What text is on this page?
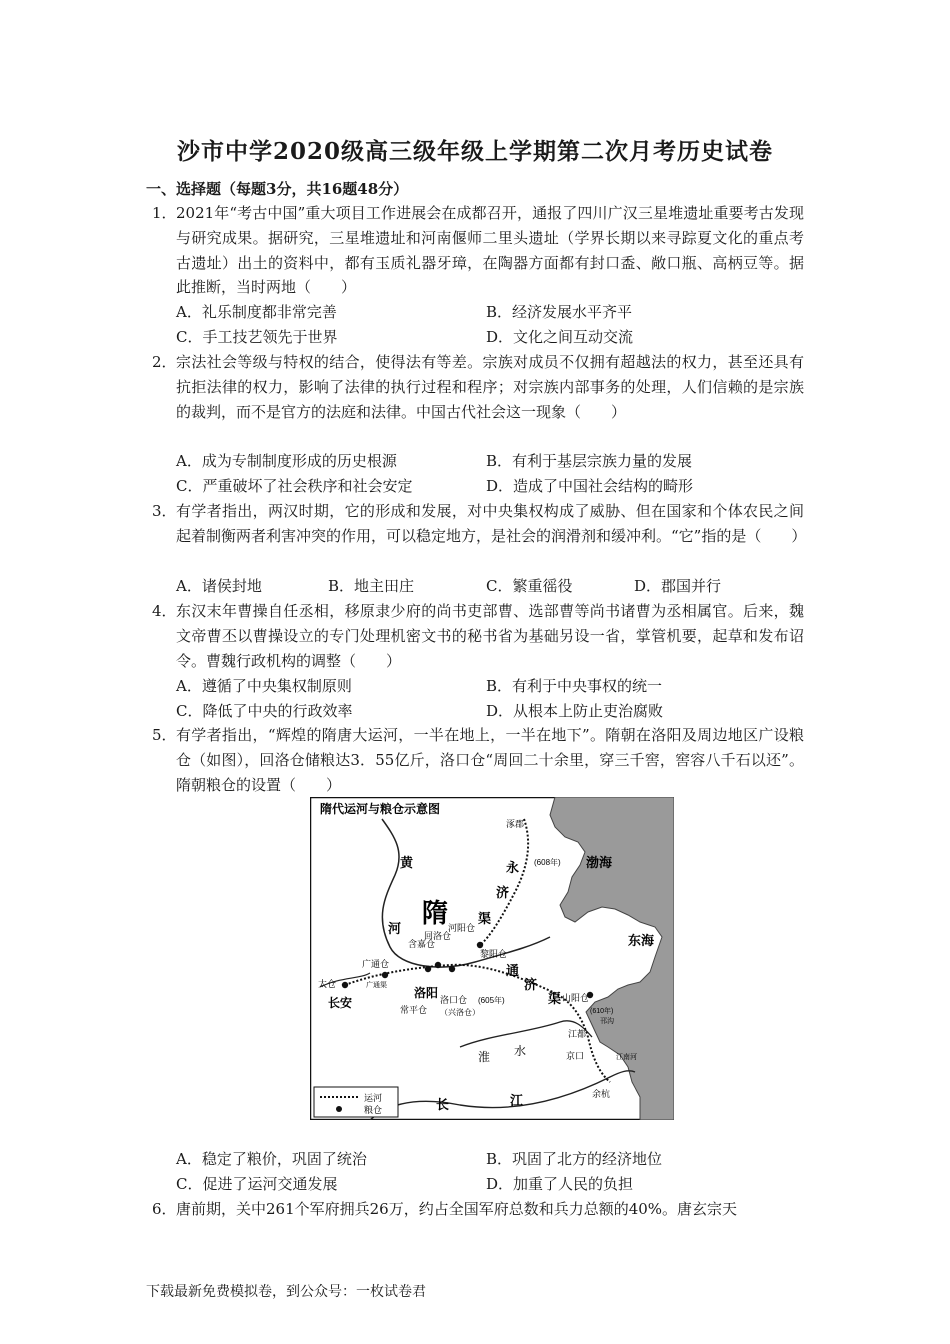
沙市中学2020级高三级年级上学期第二次月考历史试卷
一、选择题（每题3分，共16题48分）
1． 2021年“考古中国”重大项目工作进展会在成都召开，通报了四川广汉三星堆遗址重要考古发现与研究成果。据研究，三星堆遗址和河南偃师二里头遗址（学界长期以来寻踪夏文化的重点考古遗址）出土的资料中，都有玉质礼器牙璋，在陶器方面都有封口盉、敞口瓶、高柄豆等。据此推断，当时两地（　　）
A．礼乐制度都非常完善	B．经济发展水平齐平
C．手工技艺领先于世界	D．文化之间互动交流
2． 宗法社会等级与特权的结合，使得法有等差。宗族对成员不仅拥有超越法的权力，甚至还具有抗拒法律的权力，影响了法律的执行过程和程序；对宗族内部事务的处理，人们信赖的是宗族的裁判，而不是官方的法庭和法律。中国古代社会这一现象（　　）
A．成为专制制度形成的历史根源	B．有利于基层宗族力量的发展
C．严重破坏了社会秩序和社会安定	D．造成了中国社会结构的畸形
3． 有学者指出，两汉时期，它的形成和发展，对中央集权构成了威胁、但在国家和个体农民之间起着制衡两者利害冲突的作用，可以稳定地方，是社会的润滑剂和缓冲利。“它”指的是（　　）
A．诸侯封地	B．地主田庄	C．繁重徭役	D．郡国并行
4． 东汉末年曹操自任丞相，移原隶少府的尚书吏部曹、选部曹等尚书诸曹为丞相属官。后来，魏文帝曹丕以曹操设立的专门处理机密文书的秘书省为基础另设一省，掌管机要，起草和发布诏令。曹魏行政机构的调整（　　）
A．遵循了中央集权制原则	B．有利于中央事权的统一
C．降低了中央的行政效率	D．从根本上防止吏治腐败
5． 有学者指出，“辉煌的隋唐大运河，一半在地上，一半在地下”。隋朝在洛阳及周边地区广设粮仓（如图），回洛仓储粮达3．55亿斤，洛口仓“周回二十余里，穿三千窖，窖容八千石以还”。隋朝粮仓的设置（　　）
隋代运河与粮仓示意图
涿郡
(608年)
隋
黄
河
渤海
东海
永
济
渠
通
济
渠
(605年)
太仓
广通仓
广通渠
长安
洛阳
黎阳仓
常平仓
含嘉仓
回洛仓
河阳仓
洛口仓
（兴洛仓）
山阳仓
邗沟
江都
京口
(610年)
江南河
余杭
淮 水
长	江
运河
粮仓
A．稳定了粮价，巩固了统治	B．巩固了北方的经济地位
C．促进了运河交通发展	D．加重了人民的负担
6． 唐前期，关中261个军府拥兵26万，约占全国军府总数和兵力总额的40%。唐玄宗天
下载最新免费模拟卷，到公众号：一枚试卷君
